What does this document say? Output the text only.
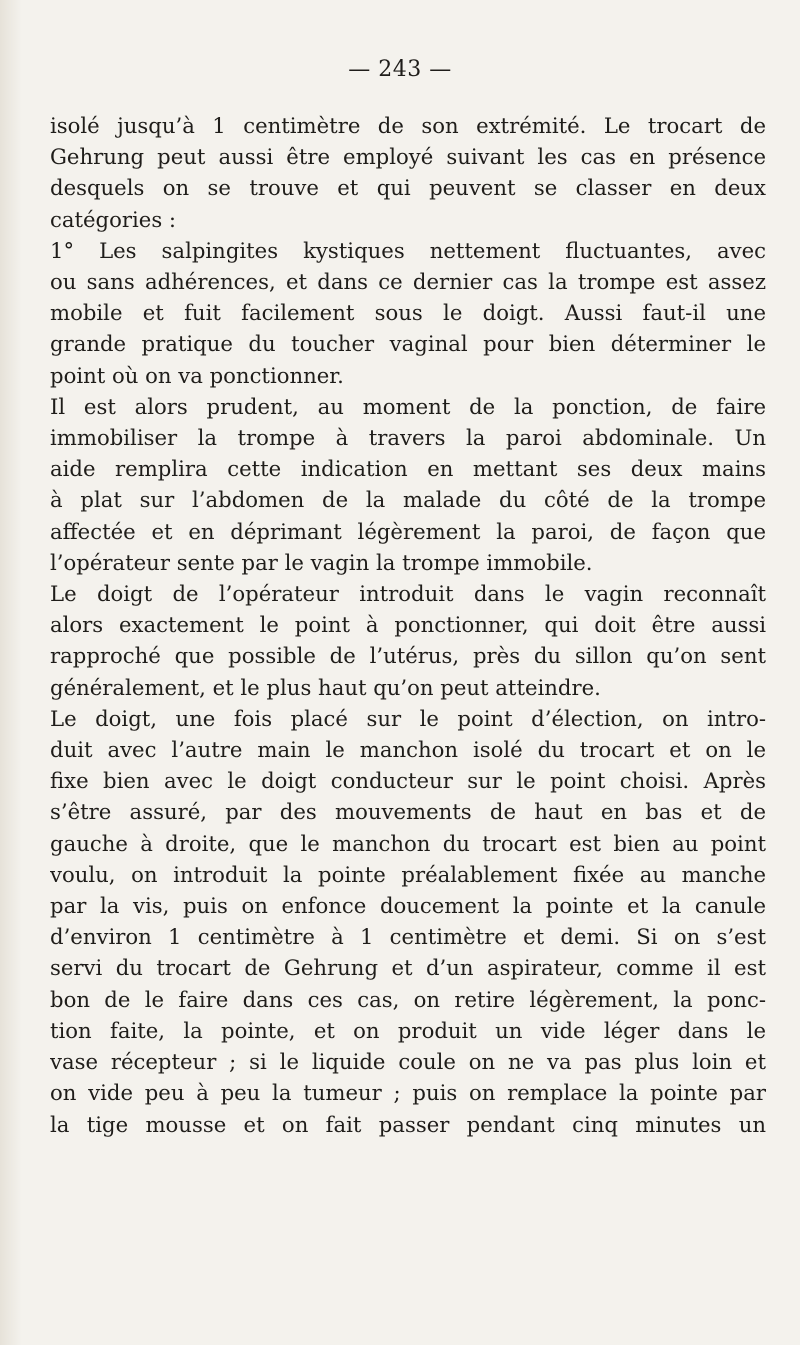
— 243 —
isolé jusqu’à 1 centimètre de son extrémité. Le trocart de
Gehrung peut aussi être employé suivant les cas en présence
desquels on se trouve et qui peuvent se classer en deux
catégories :
1° Les salpingites kystiques nettement fluctuantes, avec
ou sans adhérences, et dans ce dernier cas la trompe est assez
mobile et fuit facilement sous le doigt. Aussi faut-il une
grande pratique du toucher vaginal pour bien déterminer le
point où on va ponctionner.
Il est alors prudent, au moment de la ponction, de faire
immobiliser la trompe à travers la paroi abdominale. Un
aide remplira cette indication en mettant ses deux mains
à plat sur l’abdomen de la malade du côté de la trompe
affectée et en déprimant légèrement la paroi, de façon que
l’opérateur sente par le vagin la trompe immobile.
Le doigt de l’opérateur introduit dans le vagin reconnaît
alors exactement le point à ponctionner, qui doit être aussi
rapproché que possible de l’utérus, près du sillon qu’on sent
généralement, et le plus haut qu’on peut atteindre.
Le doigt, une fois placé sur le point d’élection, on intro-
duit avec l’autre main le manchon isolé du trocart et on le
fixe bien avec le doigt conducteur sur le point choisi. Après
s’être assuré, par des mouvements de haut en bas et de
gauche à droite, que le manchon du trocart est bien au point
voulu, on introduit la pointe préalablement fixée au manche
par la vis, puis on enfonce doucement la pointe et la canule
d’environ 1 centimètre à 1 centimètre et demi. Si on s’est
servi du trocart de Gehrung et d’un aspirateur, comme il est
bon de le faire dans ces cas, on retire légèrement, la ponc-
tion faite, la pointe, et on produit un vide léger dans le
vase récepteur ; si le liquide coule on ne va pas plus loin et
on vide peu à peu la tumeur ; puis on remplace la pointe par
la tige mousse et on fait passer pendant cinq minutes un
